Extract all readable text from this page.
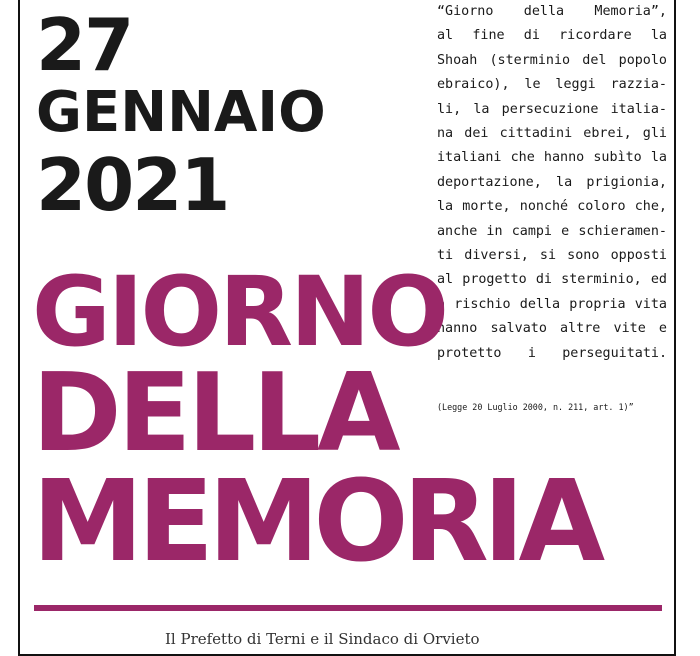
27
GENNAIO
2021
“Giorno della Memoria”,
al fine di ricordare la
Shoah (sterminio del popolo
ebraico), le leggi razzia-
li, la persecuzione italia-
na dei cittadini ebrei, gli
italiani che hanno subìto la
deportazione, la prigionia,
la morte, nonché coloro che,
anche in campi e schieramen-
ti diversi, si sono opposti
al progetto di sterminio, ed
a rischio della propria vita
hanno salvato altre vite e
protetto i perseguitati.
(Legge 20 Luglio 2000, n. 211, art. 1)”
GIORNO
DELLA
MEMORIA
Il Prefetto di Terni e il Sindaco di Orvieto
